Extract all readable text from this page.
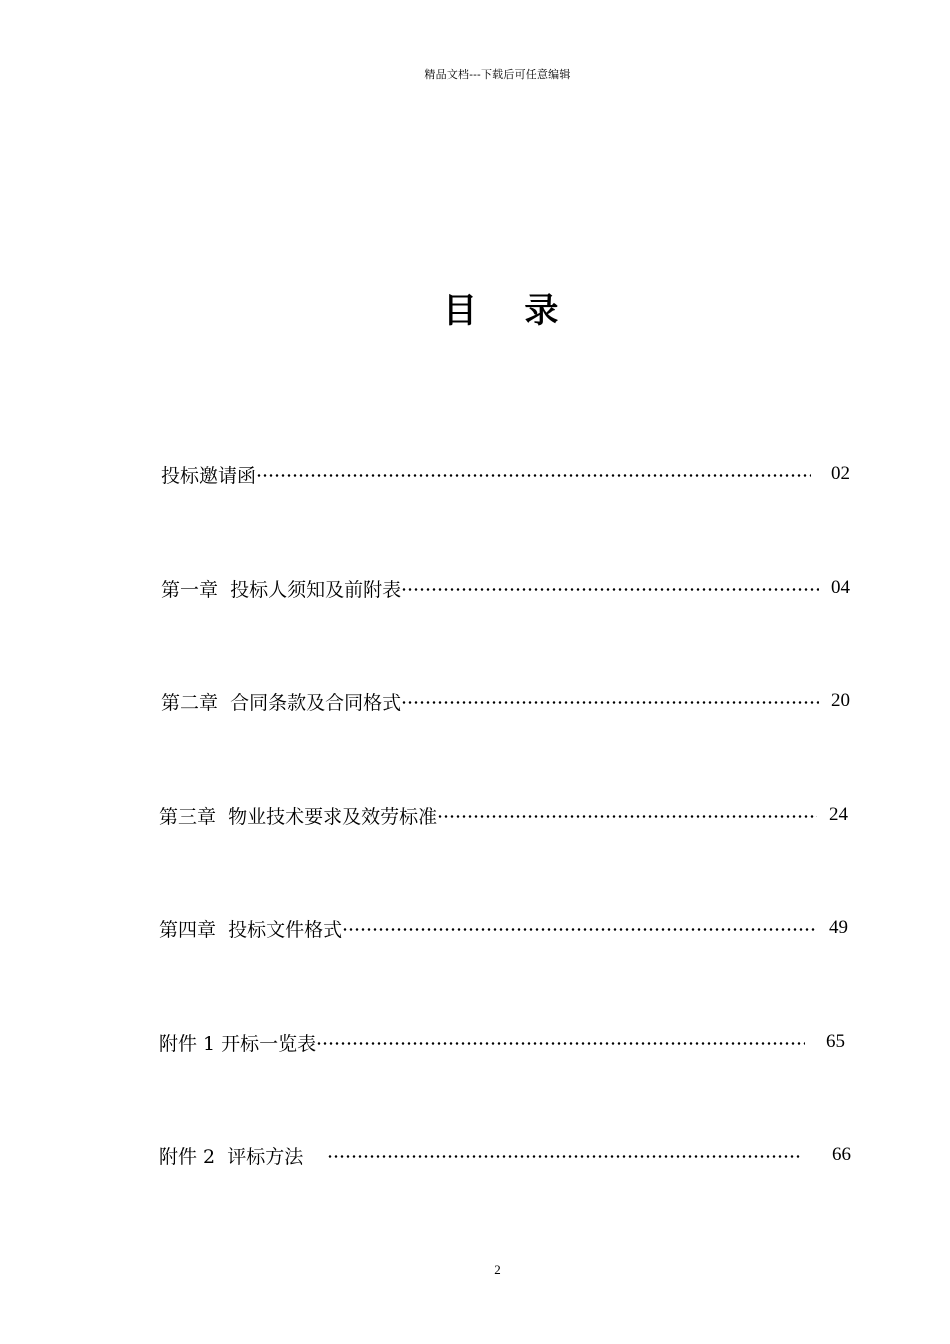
精品文档---下载后可任意编辑
目    录
投标邀请函	02
第一章  投标人须知及前附表	04
第二章  合同条款及合同格式	20
第三章  物业技术要求及效劳标准	24
第四章  投标文件格式	49
附件 1 开标一览表	65
附件 2  评标方法	66
2
